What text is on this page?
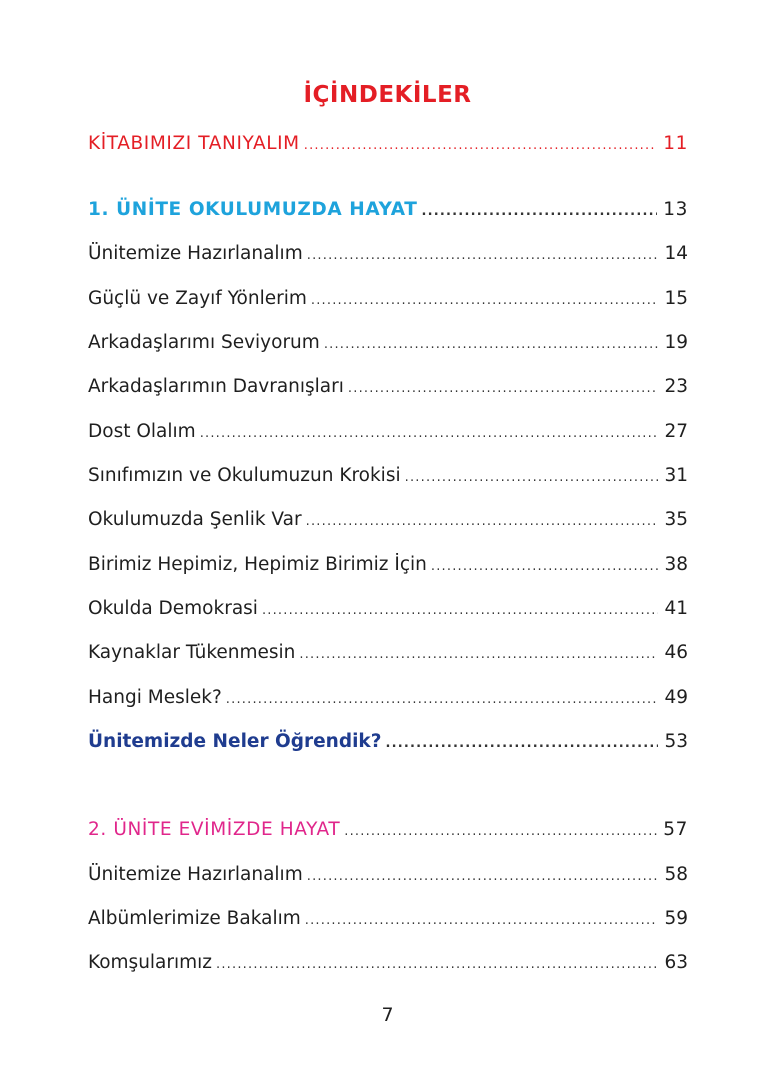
İÇİNDEKİLER
KİTABIMIZI TANIYALIM .....	11
1. ÜNİTE OKULUMUZDA HAYAT .....	13
Ünitemize Hazırlanalım .....	14
Güçlü ve Zayıf Yönlerim .....	15
Arkadaşlarımı Seviyorum .....	19
Arkadaşlarımın Davranışları .....	23
Dost Olalım .....	27
Sınıfımızın ve Okulumuzun Krokisi .....	31
Okulumuzda Şenlik Var .....	35
Birimiz Hepimiz, Hepimiz Birimiz İçin .....	38
Okulda Demokrasi .....	41
Kaynaklar Tükenmesin .....	46
Hangi Meslek? .....	49
Ünitemizde Neler Öğrendik? .....	53
2. ÜNİTE EVİMİZDE HAYAT .....	57
Ünitemize Hazırlanalım .....	58
Albümlerimize Bakalım .....	59
Komşularımız .....	63
7
